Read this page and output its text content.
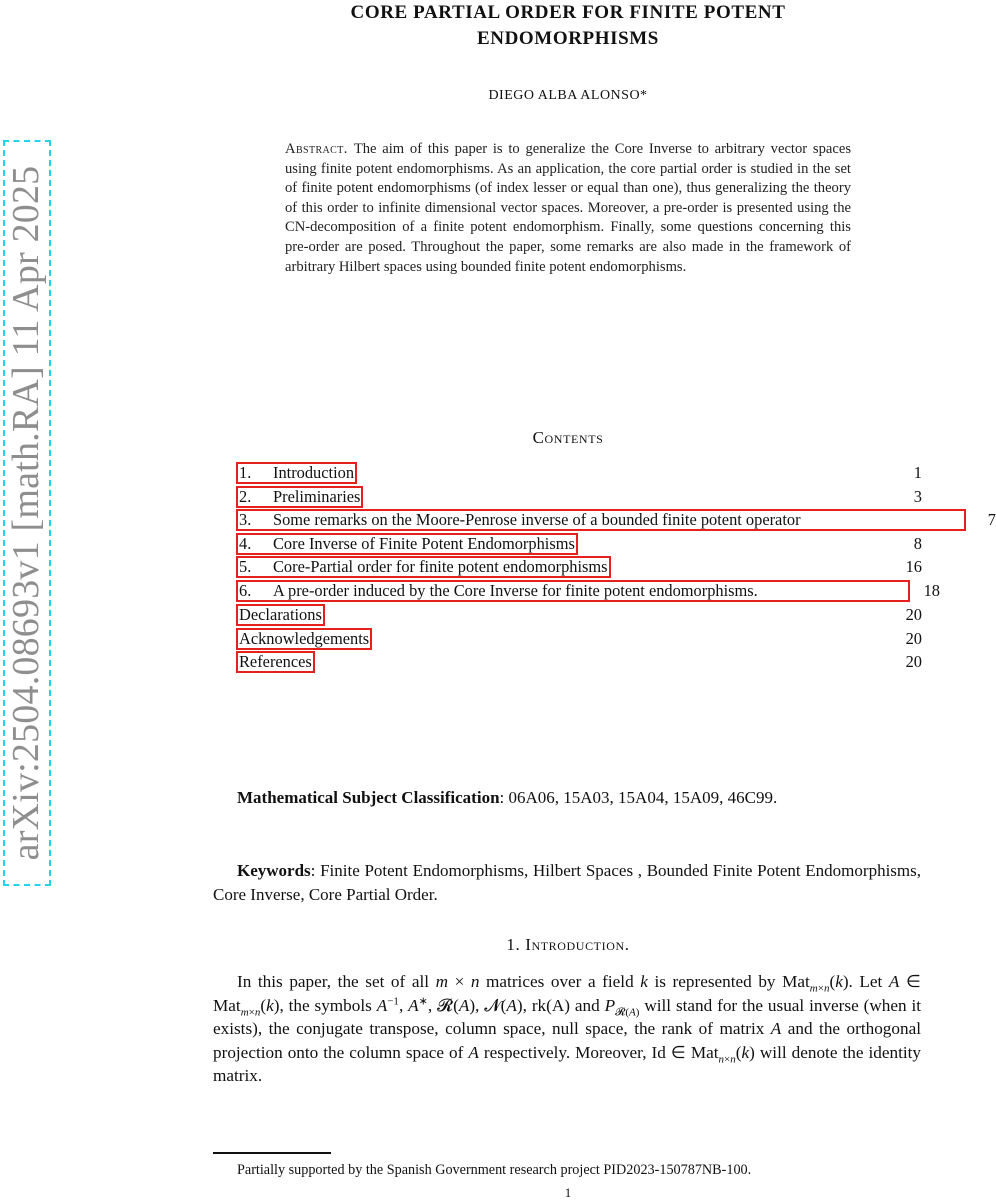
arXiv:2504.08693v1 [math.RA] 11 Apr 2025
CORE PARTIAL ORDER FOR FINITE POTENT
ENDOMORPHISMS
DIEGO ALBA ALONSO*
Abstract. The aim of this paper is to generalize the Core Inverse to arbitrary vector spaces using finite potent endomorphisms. As an application, the core partial order is studied in the set of finite potent endomorphisms (of index lesser or equal than one), thus generalizing the theory of this order to infinite dimensional vector spaces. Moreover, a pre-order is presented using the CN-decomposition of a finite potent endomorphism. Finally, some questions concerning this pre-order are posed. Throughout the paper, some remarks are also made in the framework of arbitrary Hilbert spaces using bounded finite potent endomorphisms.
Contents
1. Introduction	1
2. Preliminaries	3
3. Some remarks on the Moore-Penrose inverse of a bounded finite potent operator	7
4. Core Inverse of Finite Potent Endomorphisms	8
5. Core-Partial order for finite potent endomorphisms	16
6. A pre-order induced by the Core Inverse for finite potent endomorphisms.	18
Declarations	20
Acknowledgements	20
References	20
Mathematical Subject Classification: 06A06, 15A03, 15A04, 15A09, 46C99.
Keywords: Finite Potent Endomorphisms, Hilbert Spaces , Bounded Finite Potent Endomorphisms, Core Inverse, Core Partial Order.
1. Introduction.
In this paper, the set of all m × n matrices over a field k is represented by Mat$_{m\times n}$(k). Let A ∈ Mat$_{m\times n}$(k), the symbols $A^{-1}$, A∗, 𝓡(A), 𝓝(A), rk(A) and $P_{𝓡(A)}$ will stand for the usual inverse (when it exists), the conjugate transpose, column space, null space, the rank of matrix A and the orthogonal projection onto the column space of A respectively. Moreover, Id ∈ Mat$_{n\times n}$(k) will denote the identity matrix.
Partially supported by the Spanish Government research project PID2023-150787NB-100.
1
